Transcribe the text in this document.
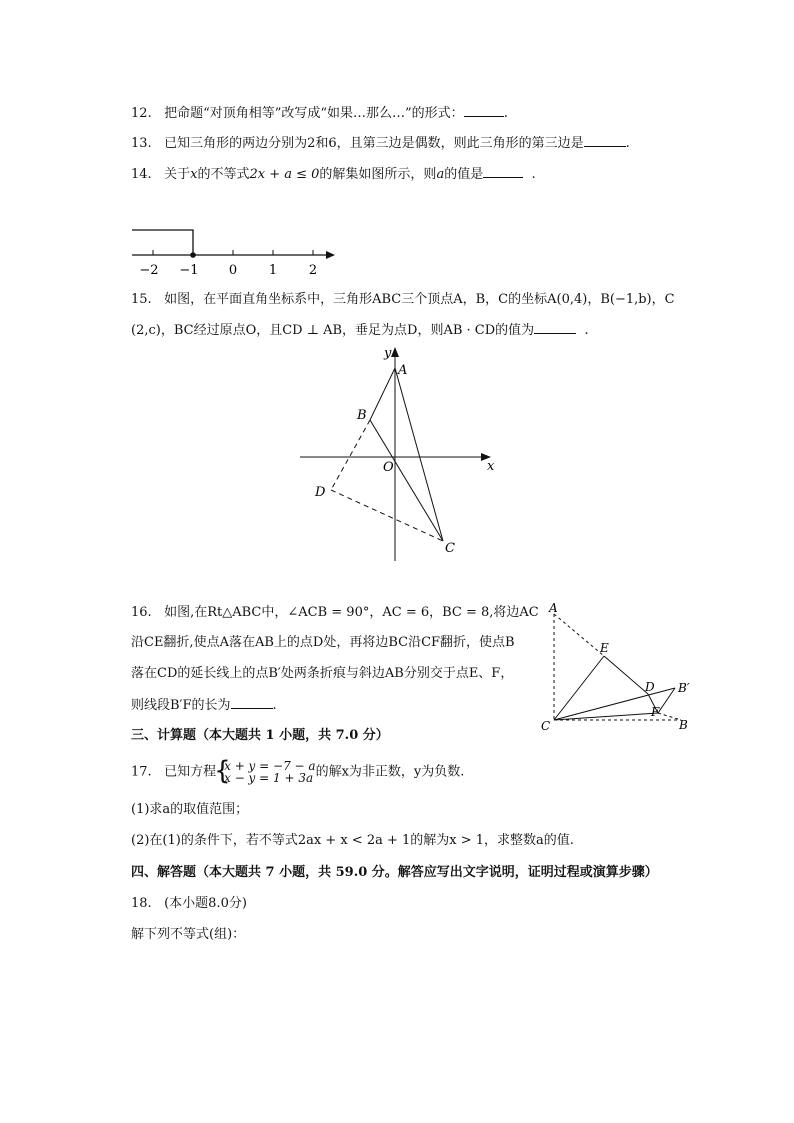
12. 把命题“对顶角相等”改写成“如果…那么…”的形式：	.
13. 已知三角形的两边分别为2和6，且第三边是偶数，则此三角形的第三边是	.
14. 关于x的不等式2x + a ≤ 0的解集如图所示，则a的值是	.
−2 −1 0 1 2
15. 如图，在平面直角坐标系中，三角形ABC三个顶点A，B，C的坐标A(0,4)，B(−1,b)，C
(2,c)，BC经过原点O，且CD ⊥ AB，垂足为点D，则AB · CD的值为	.
y
x
A
B
O
D
C
16. 如图,在Rt△ABC中，∠ACB = 90°，AC = 6，BC = 8,将边AC
沿CE翻折,使点A落在AB上的点D处，再将边BC沿CF翻折，使点B
落在CD的延长线上的点B′处两条折痕与斜边AB分别交于点E、F，
则线段B′F的长为	.
A
E
D B′
F
C	B
三、计算题（本大题共 1 小题，共 7.0 分）
17. 已知方程
{ x + y = −7 − a
x − y = 1 + 3a 的解x为非正数，y为负数.
(1)求a的取值范围；
(2)在(1)的条件下，若不等式2ax + x < 2a + 1的解为x > 1，求整数a的值.
四、解答题（本大题共 7 小题，共 59.0 分。解答应写出文字说明，证明过程或演算步骤）
18. (本小题8.0分)
解下列不等式(组)：
